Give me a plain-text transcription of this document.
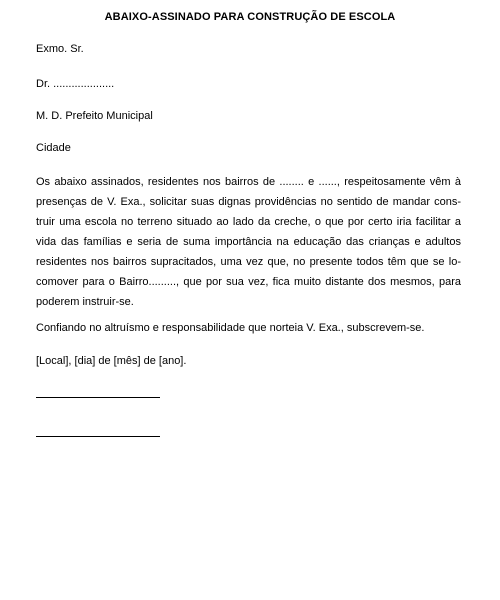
ABAIXO-ASSINADO PARA CONSTRUÇÃO DE ESCOLA
Exmo. Sr.
Dr. ....................
M. D. Prefeito Municipal
Cidade
Os abaixo assinados, residentes nos bairros de ........ e ......, respeitosamente vêm à
presenças de V. Exa., solicitar suas dignas providências no sentido de mandar cons-
truir uma escola no terreno situado ao lado da creche, o que por certo iria facilitar a
vida das famílias e seria de suma importância na educação das crianças e adultos
residentes nos bairros supracitados, uma vez que, no presente todos têm que se lo-
comover para o Bairro........., que por sua vez, fica muito distante dos mesmos, para
poderem instruir-se.
Confiando no altruísmo e responsabilidade que norteia V. Exa., subscrevem-se.
[Local], [dia] de [mês] de [ano].
